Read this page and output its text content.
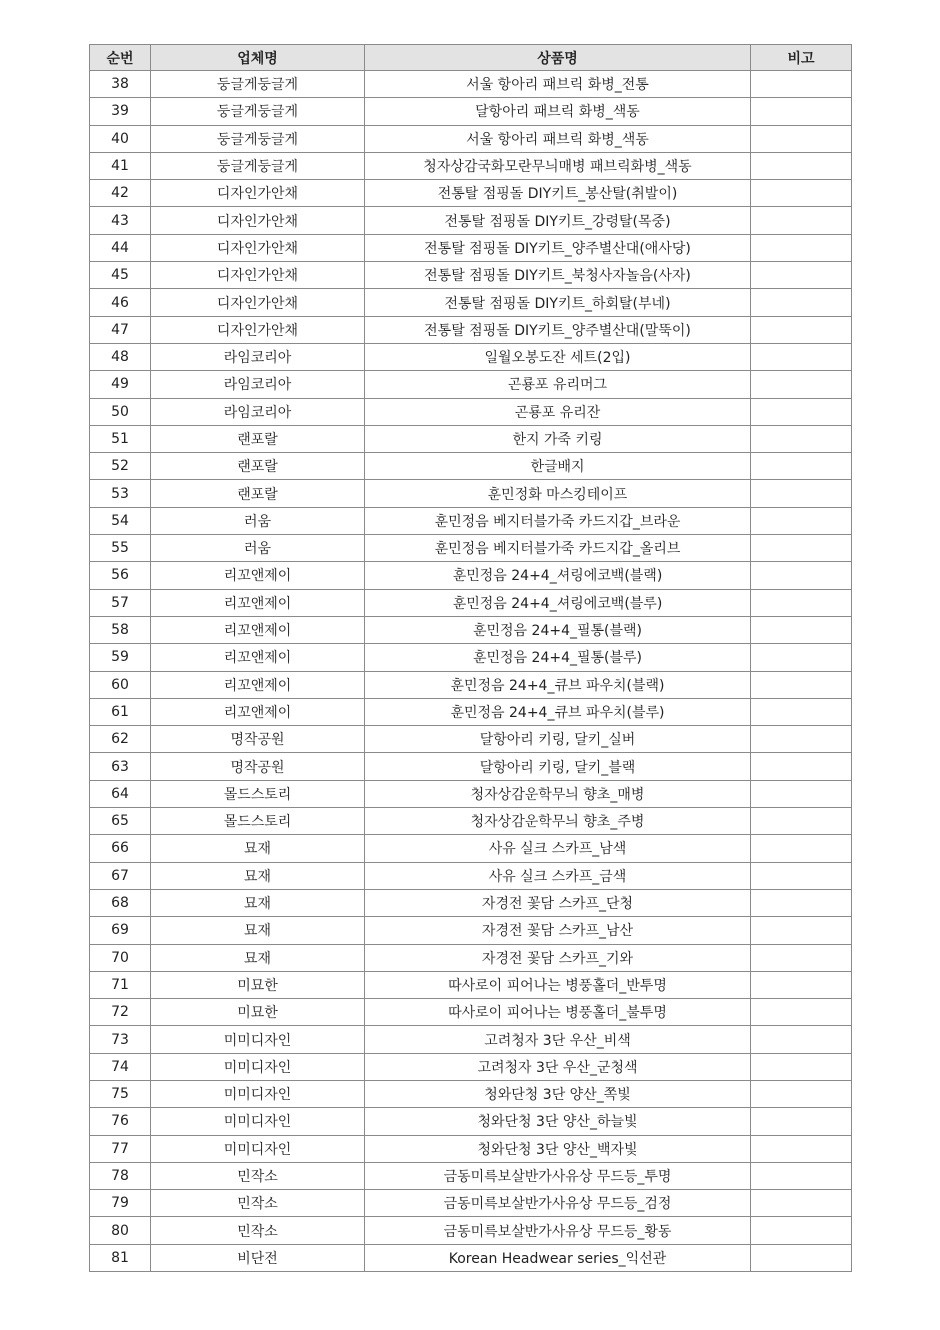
순번	업체명	상품명	비고
38	둥글게둥글게	서울 항아리 패브릭 화병_전통	
39	둥글게둥글게	달항아리 패브릭 화병_색동	
40	둥글게둥글게	서울 항아리 패브릭 화병_색동	
41	둥글게둥글게	청자상감국화모란무늬매병 패브릭화병_색동	
42	디자인가안채	전통탈 점핑돌 DIY키트_봉산탈(취발이)	
43	디자인가안채	전통탈 점핑돌 DIY키트_강령탈(목중)	
44	디자인가안채	전통탈 점핑돌 DIY키트_양주별산대(애사당)	
45	디자인가안채	전통탈 점핑돌 DIY키트_북청사자놀음(사자)	
46	디자인가안채	전통탈 점핑돌 DIY키트_하회탈(부네)	
47	디자인가안채	전통탈 점핑돌 DIY키트_양주별산대(말뚝이)	
48	라임코리아	일월오봉도잔 세트(2입)	
49	라임코리아	곤룡포 유리머그	
50	라임코리아	곤룡포 유리잔	
51	랜포랄	한지 가죽 키링	
52	랜포랄	한글배지	
53	랜포랄	훈민정화 마스킹테이프	
54	러움	훈민정음 베지터블가죽 카드지갑_브라운	
55	러움	훈민정음 베지터블가죽 카드지갑_올리브	
56	리꼬앤제이	훈민정음 24+4_셔링에코백(블랙)	
57	리꼬앤제이	훈민정음 24+4_셔링에코백(블루)	
58	리꼬앤제이	훈민정음 24+4_필통(블랙)	
59	리꼬앤제이	훈민정음 24+4_필통(블루)	
60	리꼬앤제이	훈민정음 24+4_큐브 파우치(블랙)	
61	리꼬앤제이	훈민정음 24+4_큐브 파우치(블루)	
62	명작공원	달항아리 키링, 달키_실버	
63	명작공원	달항아리 키링, 달키_블랙	
64	몰드스토리	청자상감운학무늬 향초_매병	
65	몰드스토리	청자상감운학무늬 향초_주병	
66	묘재	사유 실크 스카프_남색	
67	묘재	사유 실크 스카프_금색	
68	묘재	자경전 꽃담 스카프_단청	
69	묘재	자경전 꽃담 스카프_남산	
70	묘재	자경전 꽃담 스카프_기와	
71	미묘한	따사로이 피어나는 병풍홀더_반투명	
72	미묘한	따사로이 피어나는 병풍홀더_불투명	
73	미미디자인	고려청자 3단 우산_비색	
74	미미디자인	고려청자 3단 우산_군청색	
75	미미디자인	청와단청 3단 양산_쪽빛	
76	미미디자인	청와단청 3단 양산_하늘빛	
77	미미디자인	청와단청 3단 양산_백자빛	
78	민작소	금동미륵보살반가사유상 무드등_투명	
79	민작소	금동미륵보살반가사유상 무드등_검정	
80	민작소	금동미륵보살반가사유상 무드등_황동	
81	비단전	Korean Headwear series_익선관	
